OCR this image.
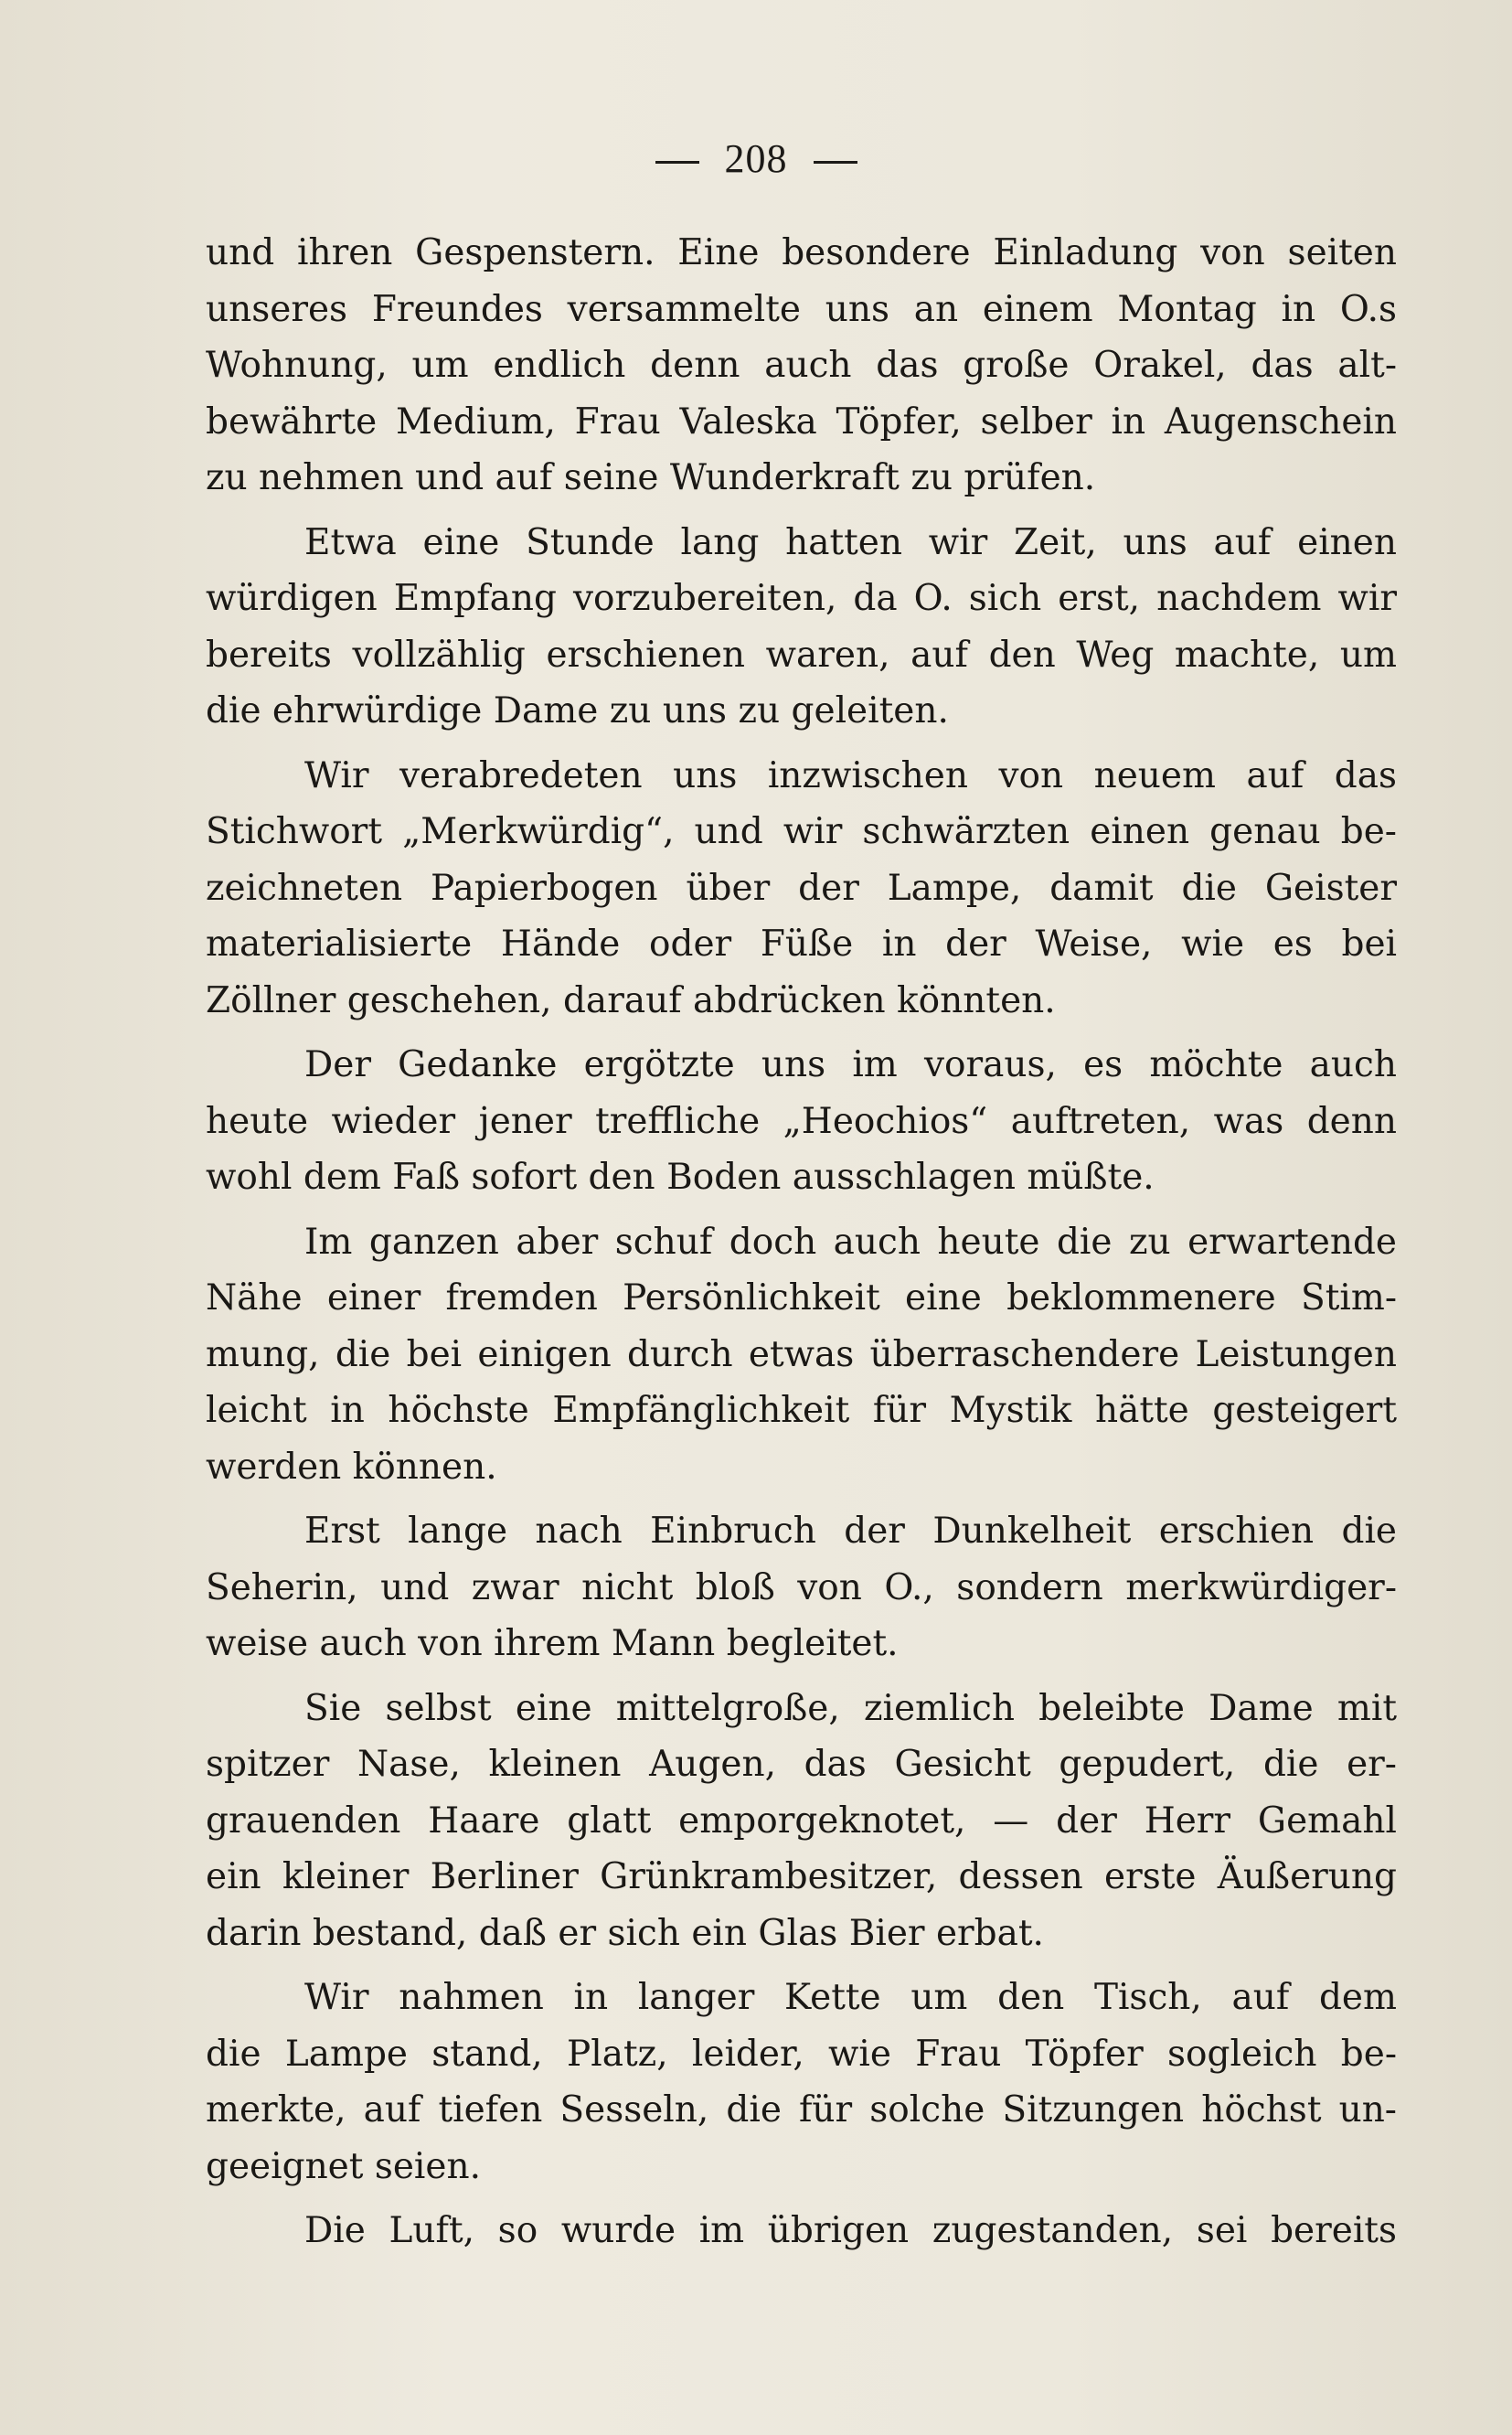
208
und ihren Gespenstern. Eine besondere Einladung von seiten
unseres Freundes versammelte uns an einem Montag in O.s
Wohnung, um endlich denn auch das große Orakel, das alt-
bewährte Medium, Frau Valeska Töpfer, selber in Augenschein
zu nehmen und auf seine Wunderkraft zu prüfen.
Etwa eine Stunde lang hatten wir Zeit, uns auf einen
würdigen Empfang vorzubereiten, da O. sich erst, nachdem wir
bereits vollzählig erschienen waren, auf den Weg machte, um
die ehrwürdige Dame zu uns zu geleiten.
Wir verabredeten uns inzwischen von neuem auf das
Stichwort „Merkwürdig“, und wir schwärzten einen genau be-
zeichneten Papierbogen über der Lampe, damit die Geister
materialisierte Hände oder Füße in der Weise, wie es bei
Zöllner geschehen, darauf abdrücken könnten.
Der Gedanke ergötzte uns im voraus, es möchte auch
heute wieder jener treffliche „Heochios“ auftreten, was denn
wohl dem Faß sofort den Boden ausschlagen müßte.
Im ganzen aber schuf doch auch heute die zu erwartende
Nähe einer fremden Persönlichkeit eine beklommenere Stim-
mung, die bei einigen durch etwas überraschendere Leistungen
leicht in höchste Empfänglichkeit für Mystik hätte gesteigert
werden können.
Erst lange nach Einbruch der Dunkelheit erschien die
Seherin, und zwar nicht bloß von O., sondern merkwürdiger-
weise auch von ihrem Mann begleitet.
Sie selbst eine mittelgroße, ziemlich beleibte Dame mit
spitzer Nase, kleinen Augen, das Gesicht gepudert, die er-
grauenden Haare glatt emporgeknotet, — der Herr Gemahl
ein kleiner Berliner Grünkrambesitzer, dessen erste Äußerung
darin bestand, daß er sich ein Glas Bier erbat.
Wir nahmen in langer Kette um den Tisch, auf dem
die Lampe stand, Platz, leider, wie Frau Töpfer sogleich be-
merkte, auf tiefen Sesseln, die für solche Sitzungen höchst un-
geeignet seien.
Die Luft, so wurde im übrigen zugestanden, sei bereits
